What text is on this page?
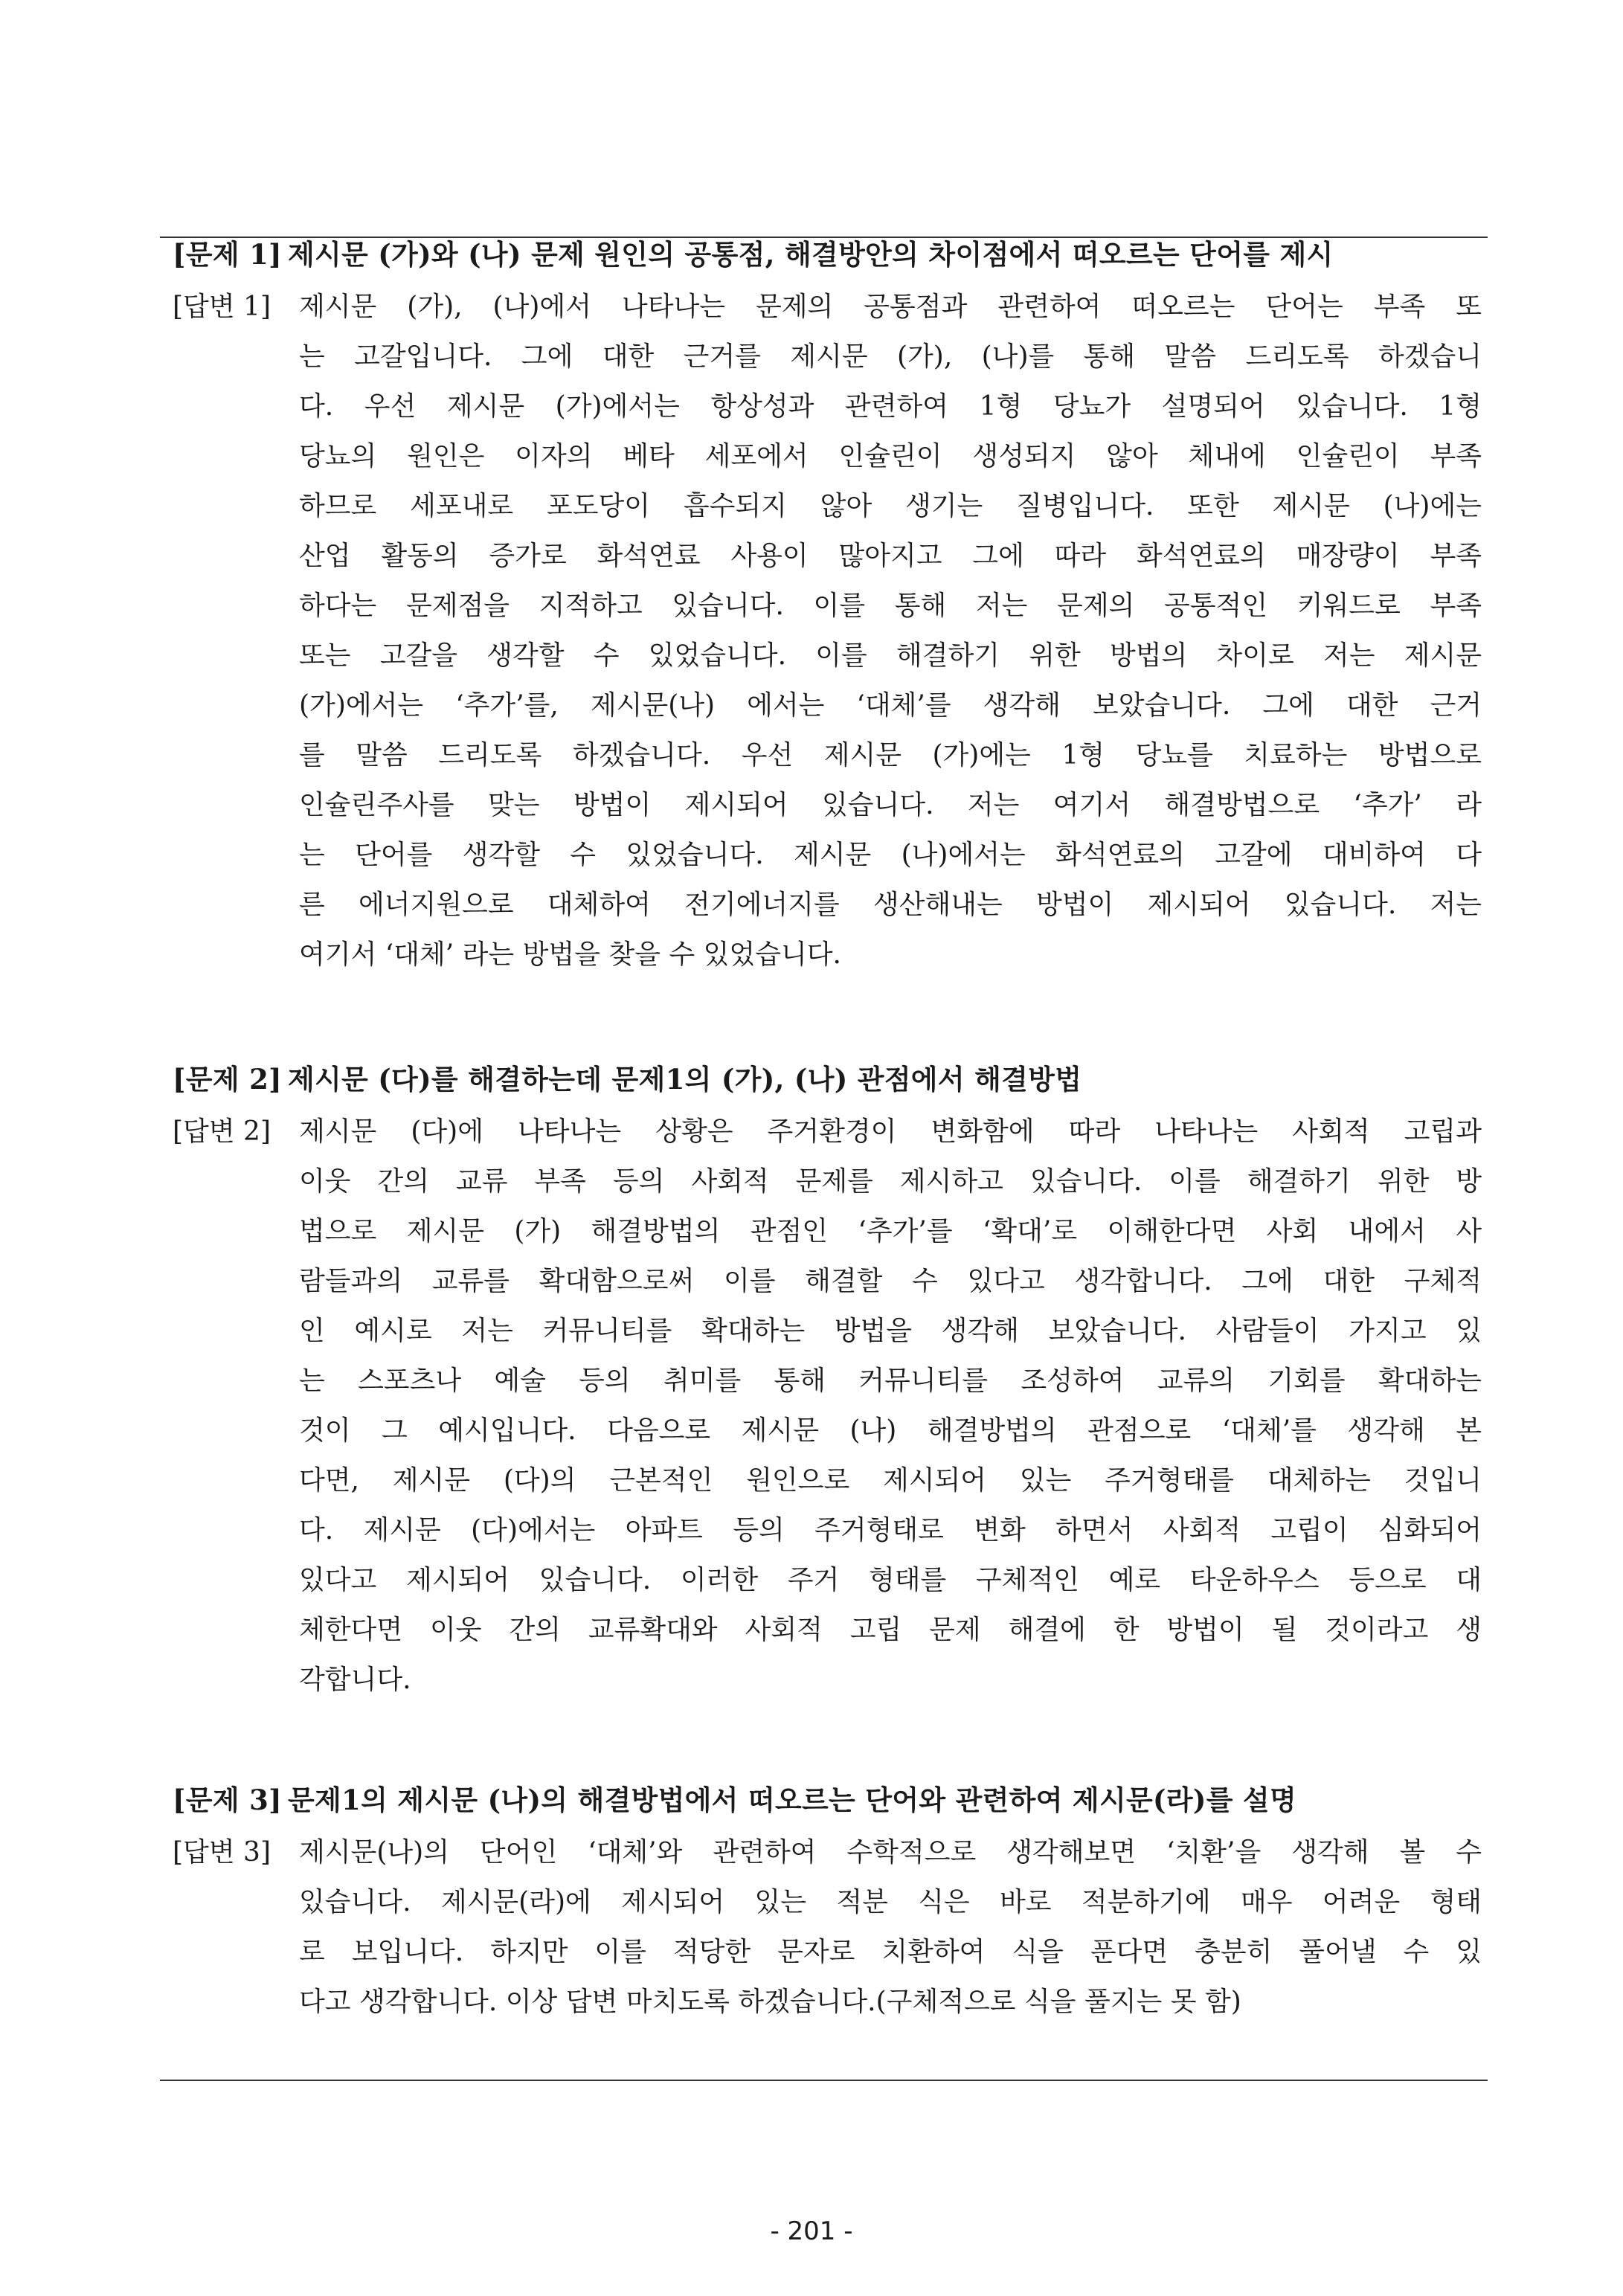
[문제 1] 제시문 (가)와 (나) 문제 원인의 공통점, 해결방안의 차이점에서 떠오르는 단어를 제시
[답변 1] 제시문 (가), (나)에서 나타나는 문제의 공통점과 관련하여 떠오르는 단어는 부족 또
는 고갈입니다. 그에 대한 근거를 제시문 (가), (나)를 통해 말씀 드리도록 하겠습니
다. 우선 제시문 (가)에서는 항상성과 관련하여 1형 당뇨가 설명되어 있습니다. 1형
당뇨의 원인은 이자의 베타 세포에서 인슐린이 생성되지 않아 체내에 인슐린이 부족
하므로 세포내로 포도당이 흡수되지 않아 생기는 질병입니다. 또한 제시문 (나)에는
산업 활동의 증가로 화석연료 사용이 많아지고 그에 따라 화석연료의 매장량이 부족
하다는 문제점을 지적하고 있습니다. 이를 통해 저는 문제의 공통적인 키워드로 부족
또는 고갈을 생각할 수 있었습니다. 이를 해결하기 위한 방법의 차이로 저는 제시문
(가)에서는 ‘추가’를, 제시문(나) 에서는 ‘대체’를 생각해 보았습니다. 그에 대한 근거
를 말씀 드리도록 하겠습니다. 우선 제시문 (가)에는 1형 당뇨를 치료하는 방법으로
인슐린주사를 맞는 방법이 제시되어 있습니다. 저는 여기서 해결방법으로 ‘추가’ 라
는 단어를 생각할 수 있었습니다. 제시문 (나)에서는 화석연료의 고갈에 대비하여 다
른 에너지원으로 대체하여 전기에너지를 생산해내는 방법이 제시되어 있습니다. 저는
여기서 ‘대체’ 라는 방법을 찾을 수 있었습니다.
[문제 2] 제시문 (다)를 해결하는데 문제1의 (가), (나) 관점에서 해결방법
[답변 2] 제시문 (다)에 나타나는 상황은 주거환경이 변화함에 따라 나타나는 사회적 고립과
이웃 간의 교류 부족 등의 사회적 문제를 제시하고 있습니다. 이를 해결하기 위한 방
법으로 제시문 (가) 해결방법의 관점인 ‘추가’를 ‘확대’로 이해한다면 사회 내에서 사
람들과의 교류를 확대함으로써 이를 해결할 수 있다고 생각합니다. 그에 대한 구체적
인 예시로 저는 커뮤니티를 확대하는 방법을 생각해 보았습니다. 사람들이 가지고 있
는 스포츠나 예술 등의 취미를 통해 커뮤니티를 조성하여 교류의 기회를 확대하는
것이 그 예시입니다. 다음으로 제시문 (나) 해결방법의 관점으로 ‘대체’를 생각해 본
다면, 제시문 (다)의 근본적인 원인으로 제시되어 있는 주거형태를 대체하는 것입니
다. 제시문 (다)에서는 아파트 등의 주거형태로 변화 하면서 사회적 고립이 심화되어
있다고 제시되어 있습니다. 이러한 주거 형태를 구체적인 예로 타운하우스 등으로 대
체한다면 이웃 간의 교류확대와 사회적 고립 문제 해결에 한 방법이 될 것이라고 생
각합니다.
[문제 3] 문제1의 제시문 (나)의 해결방법에서 떠오르는 단어와 관련하여 제시문(라)를 설명
[답변 3] 제시문(나)의 단어인 ‘대체’와 관련하여 수학적으로 생각해보면 ‘치환’을 생각해 볼 수
있습니다. 제시문(라)에 제시되어 있는 적분 식은 바로 적분하기에 매우 어려운 형태
로 보입니다. 하지만 이를 적당한 문자로 치환하여 식을 푼다면 충분히 풀어낼 수 있
다고 생각합니다. 이상 답변 마치도록 하겠습니다.(구체적으로 식을 풀지는 못 함)
- 201 -
